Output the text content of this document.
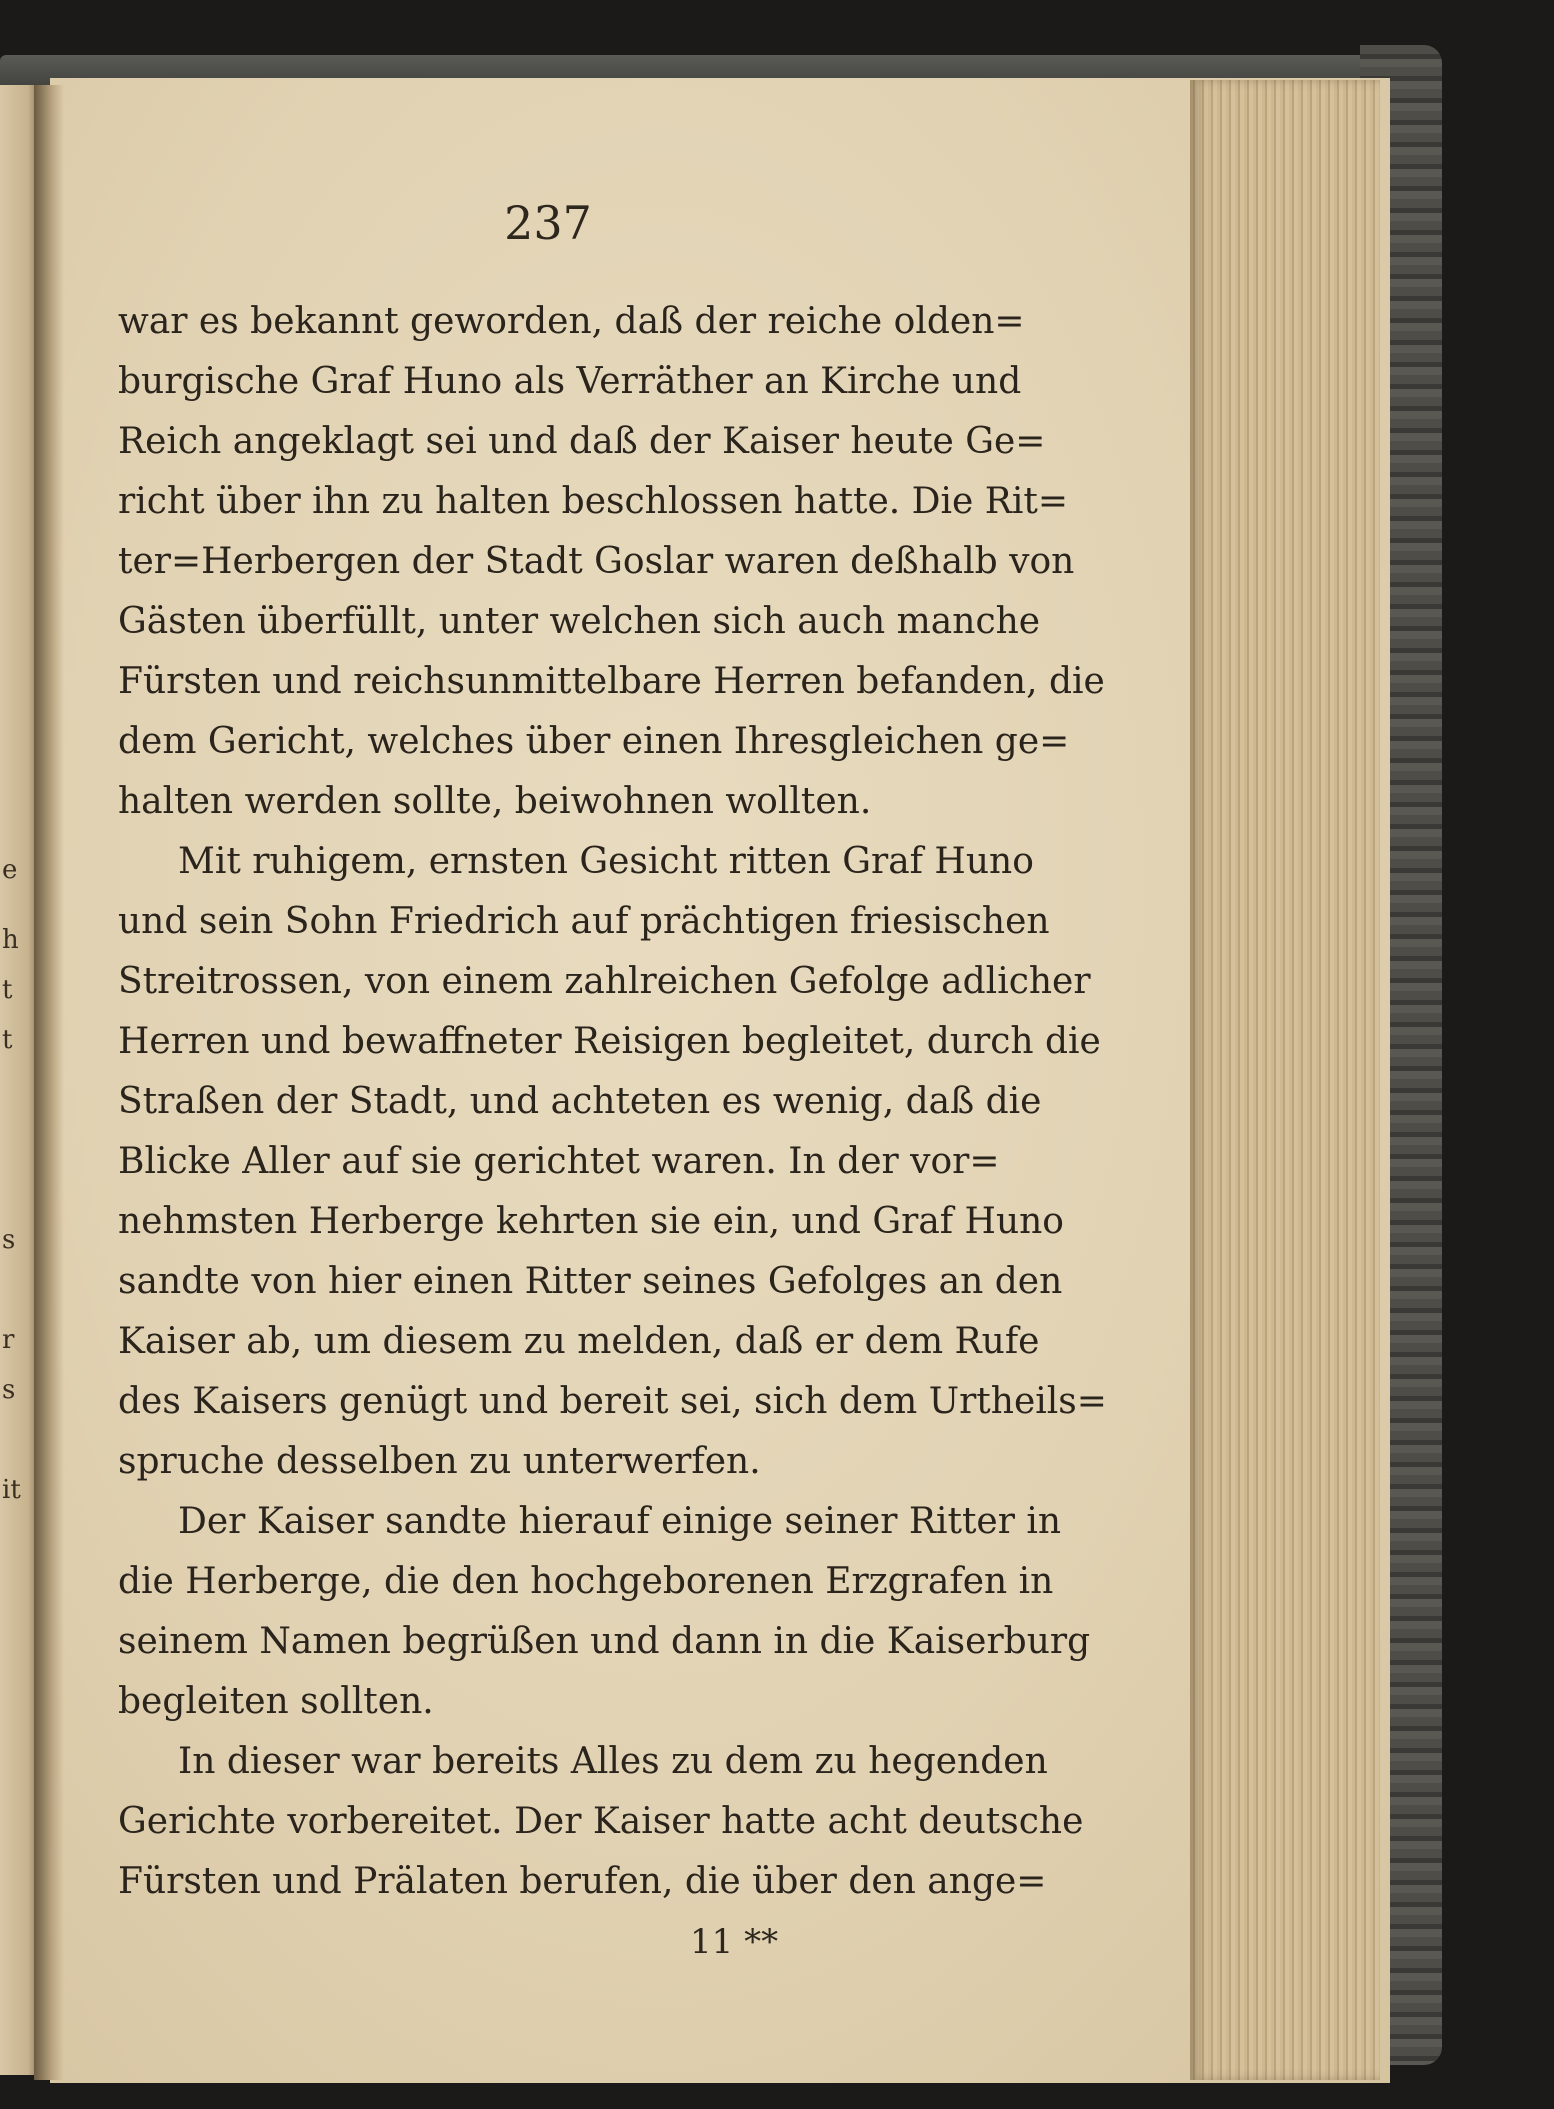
e
h
t
t
s
r
s
it
237
war es bekannt geworden, daß der reiche olden=
burgische Graf Huno als Verräther an Kirche und
Reich angeklagt sei und daß der Kaiser heute Ge=
richt über ihn zu halten beschlossen hatte. Die Rit=
ter=Herbergen der Stadt Goslar waren deßhalb von
Gästen überfüllt, unter welchen sich auch manche
Fürsten und reichsunmittelbare Herren befanden, die
dem Gericht, welches über einen Ihresgleichen ge=
halten werden sollte, beiwohnen wollten.
Mit ruhigem, ernsten Gesicht ritten Graf Huno
und sein Sohn Friedrich auf prächtigen friesischen
Streitrossen, von einem zahlreichen Gefolge adlicher
Herren und bewaffneter Reisigen begleitet, durch die
Straßen der Stadt, und achteten es wenig, daß die
Blicke Aller auf sie gerichtet waren. In der vor=
nehmsten Herberge kehrten sie ein, und Graf Huno
sandte von hier einen Ritter seines Gefolges an den
Kaiser ab, um diesem zu melden, daß er dem Rufe
des Kaisers genügt und bereit sei, sich dem Urtheils=
spruche desselben zu unterwerfen.
Der Kaiser sandte hierauf einige seiner Ritter in
die Herberge, die den hochgeborenen Erzgrafen in
seinem Namen begrüßen und dann in die Kaiserburg
begleiten sollten.
In dieser war bereits Alles zu dem zu hegenden
Gerichte vorbereitet. Der Kaiser hatte acht deutsche
Fürsten und Prälaten berufen, die über den ange=
11 **
